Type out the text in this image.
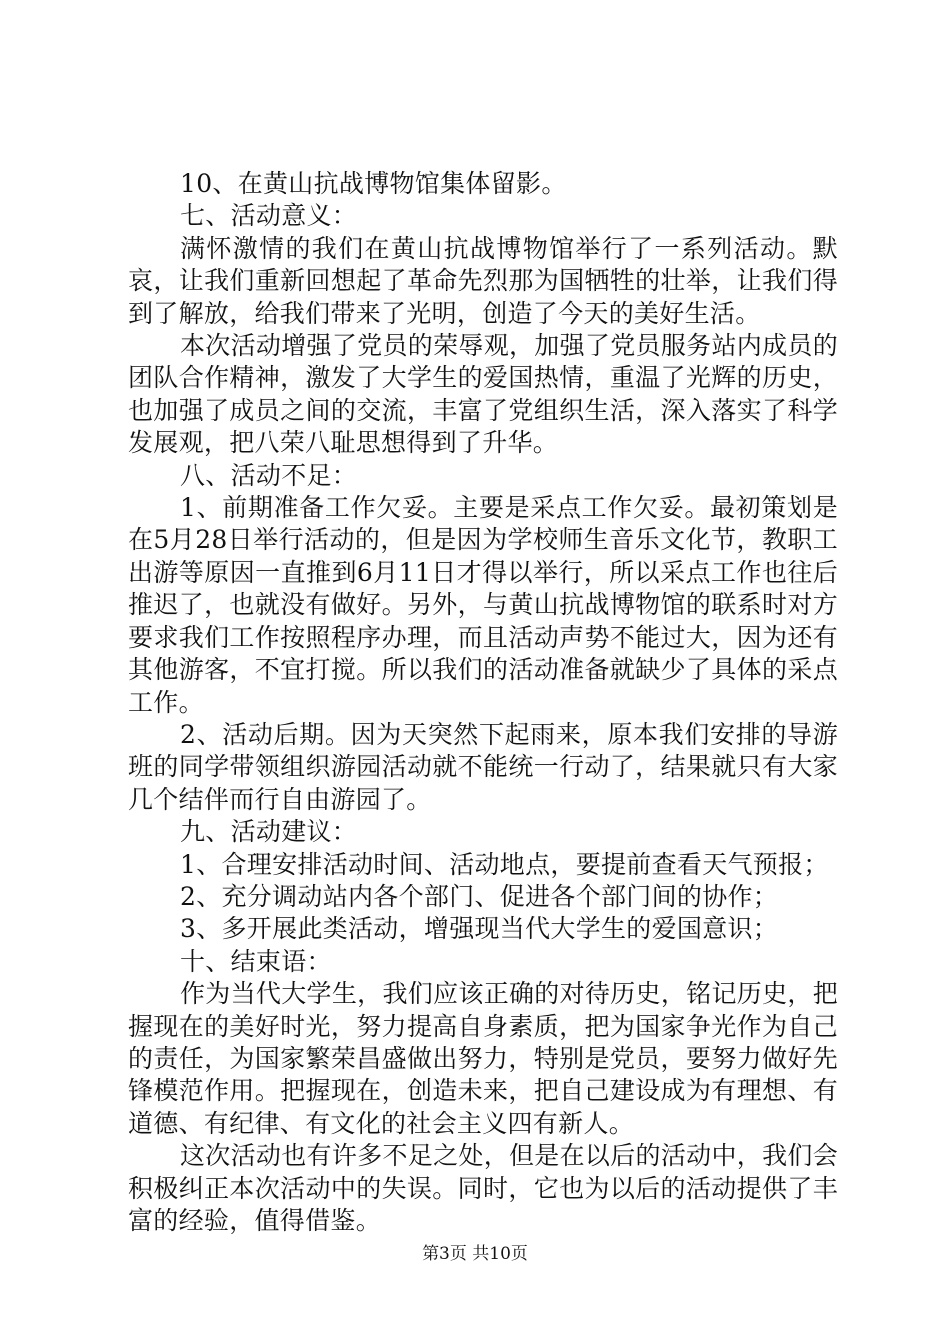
10、在黄山抗战博物馆集体留影。

七、活动意义：

满怀激情的我们在黄山抗战博物馆举行了一系列活动。默哀，让我们重新回想起了革命先烈那为国牺牲的壮举，让我们得到了解放，给我们带来了光明，创造了今天的美好生活。

本次活动增强了党员的荣辱观，加强了党员服务站内成员的团队合作精神，激发了大学生的爱国热情，重温了光辉的历史，也加强了成员之间的交流，丰富了党组织生活，深入落实了科学发展观，把八荣八耻思想得到了升华。

八、活动不足：

1、前期准备工作欠妥。主要是采点工作欠妥。最初策划是在5月28日举行活动的，但是因为学校师生音乐文化节，教职工出游等原因一直推到6月11日才得以举行，所以采点工作也往后推迟了，也就没有做好。另外，与黄山抗战博物馆的联系时对方要求我们工作按照程序办理，而且活动声势不能过大，因为还有其他游客，不宜打搅。所以我们的活动准备就缺少了具体的采点工作。

2、活动后期。因为天突然下起雨来，原本我们安排的导游班的同学带领组织游园活动就不能统一行动了，结果就只有大家几个结伴而行自由游园了。

九、活动建议：

1、合理安排活动时间、活动地点，要提前查看天气预报；

2、充分调动站内各个部门、促进各个部门间的协作；

3、多开展此类活动，增强现当代大学生的爱国意识；

十、结束语：

作为当代大学生，我们应该正确的对待历史，铭记历史，把握现在的美好时光，努力提高自身素质，把为国家争光作为自己的责任，为国家繁荣昌盛做出努力，特别是党员，要努力做好先锋模范作用。把握现在，创造未来，把自己建设成为有理想、有道德、有纪律、有文化的社会主义四有新人。

这次活动也有许多不足之处，但是在以后的活动中，我们会积极纠正本次活动中的失误。同时，它也为以后的活动提供了丰富的经验，值得借鉴。

第3页 共10页
